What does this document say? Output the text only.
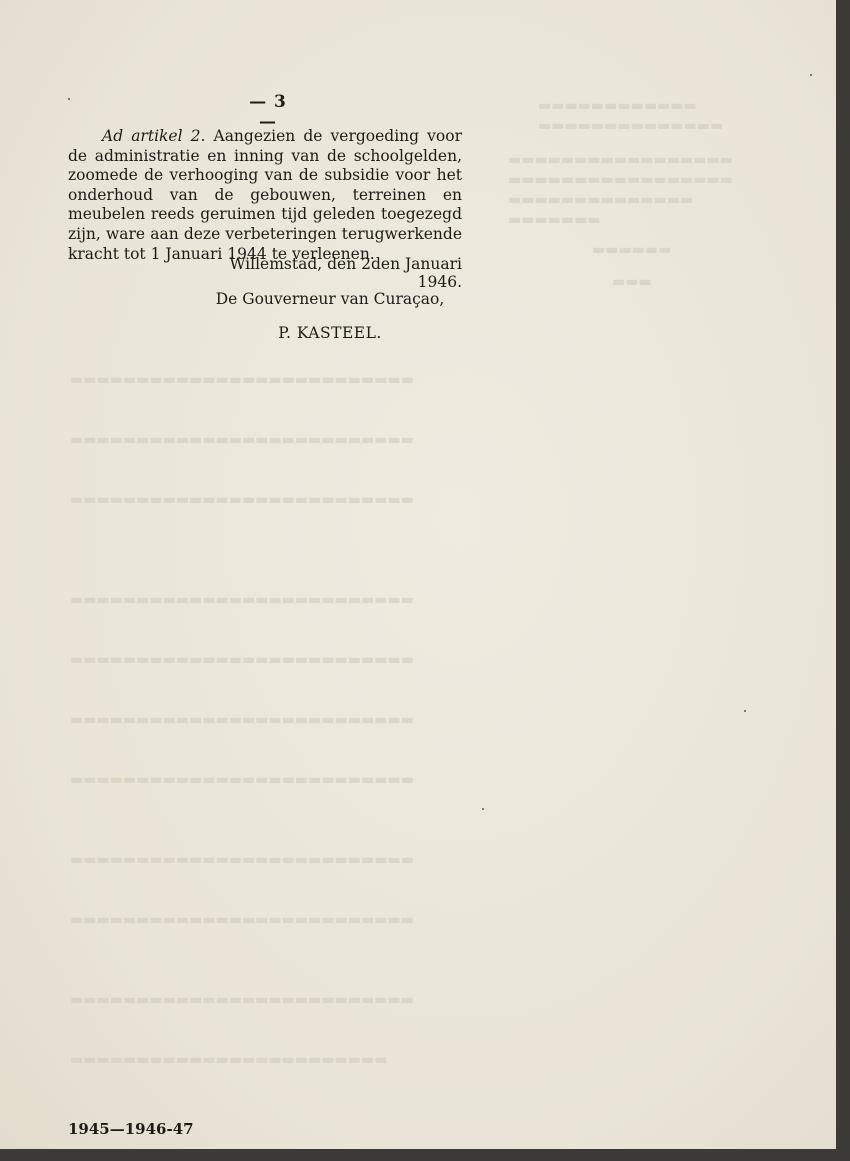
▬▬▬▬▬▬▬▬▬▬▬▬
▬▬▬▬▬▬▬▬▬▬▬▬▬▬
▬▬▬▬▬▬▬▬▬▬▬▬▬▬▬▬▬
▬▬▬▬▬▬▬▬▬▬▬▬▬▬▬▬▬
▬▬▬▬▬▬▬▬▬▬▬▬▬▬
▬▬▬▬▬▬▬
▬▬▬▬▬▬
▬▬▬
▬▬▬▬▬▬▬▬▬▬▬▬▬▬▬▬▬▬▬▬▬▬▬▬▬▬
▬▬▬▬▬▬▬▬▬▬▬▬▬▬▬▬▬▬▬▬▬▬▬▬▬▬
▬▬▬▬▬▬▬▬▬▬▬▬▬▬▬▬▬▬▬▬▬▬▬▬▬▬
▬▬▬▬▬▬▬▬▬▬▬▬▬▬▬▬▬▬▬▬▬▬▬▬▬▬
▬▬▬▬▬▬▬▬▬▬▬▬▬▬▬▬▬▬▬▬▬▬▬▬▬▬
▬▬▬▬▬▬▬▬▬▬▬▬▬▬▬▬▬▬▬▬▬▬▬▬▬▬
▬▬▬▬▬▬▬▬▬▬▬▬▬▬▬▬▬▬▬▬▬▬▬▬▬▬
▬▬▬▬▬▬▬▬▬▬▬▬▬▬▬▬▬▬▬▬▬▬▬▬▬▬
▬▬▬▬▬▬▬▬▬▬▬▬▬▬▬▬▬▬▬▬▬▬▬▬▬▬
▬▬▬▬▬▬▬▬▬▬▬▬▬▬▬▬▬▬▬▬▬▬▬▬▬▬
▬▬▬▬▬▬▬▬▬▬▬▬▬▬▬▬▬▬▬▬▬▬▬▬
— 3 —

Ad artikel 2. Aangezien de vergoeding voor de administratie en inning van de schoolgelden, zoomede de verhooging van de subsidie voor het onderhoud van de gebouwen, terreinen en meubelen reeds geruimen tijd geleden toegezegd zijn, ware aan deze verbeteringen terugwerkende kracht tot 1 Januari 1944 te verleenen.

Willemstad, den 2den Januari 1946.
De Gouverneur van Curaçao,
P. KASTEEL.
1945—1946-47
